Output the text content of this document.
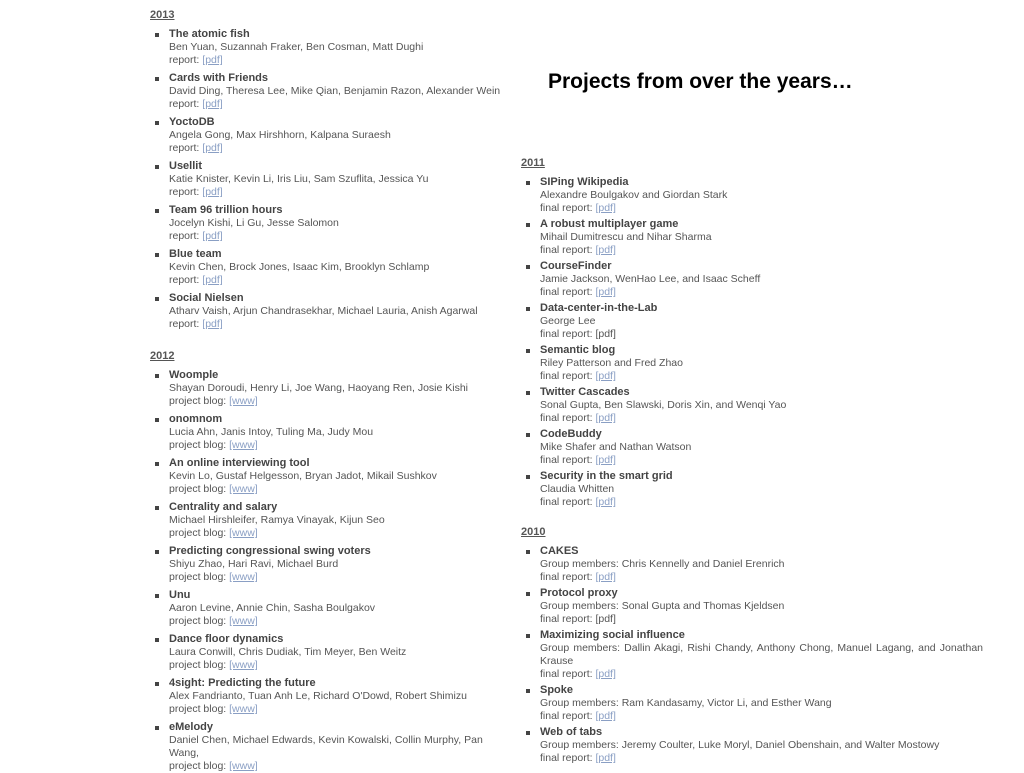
2013
The atomic fish
Ben Yuan, Suzannah Fraker, Ben Cosman, Matt Dughi
report: [pdf]
Cards with Friends
David Ding, Theresa Lee, Mike Qian, Benjamin Razon, Alexander Wein
report: [pdf]
YoctoDB
Angela Gong, Max Hirshhorn, Kalpana Suraesh
report: [pdf]
Usellit
Katie Knister, Kevin Li, Iris Liu, Sam Szuflita, Jessica Yu
report: [pdf]
Team 96 trillion hours
Jocelyn Kishi, Li Gu, Jesse Salomon
report: [pdf]
Blue team
Kevin Chen, Brock Jones, Isaac Kim, Brooklyn Schlamp
report: [pdf]
Social Nielsen
Atharv Vaish, Arjun Chandrasekhar, Michael Lauria, Anish Agarwal
report: [pdf]
2012
Woomple
Shayan Doroudi, Henry Li, Joe Wang, Haoyang Ren, Josie Kishi
project blog: [www]
onomnom
Lucia Ahn, Janis Intoy, Tuling Ma, Judy Mou
project blog: [www]
An online interviewing tool
Kevin Lo, Gustaf Helgesson, Bryan Jadot, Mikail Sushkov
project blog: [www]
Centrality and salary
Michael Hirshleifer, Ramya Vinayak, Kijun Seo
project blog: [www]
Predicting congressional swing voters
Shiyu Zhao, Hari Ravi, Michael Burd
project blog: [www]
Unu
Aaron Levine, Annie Chin, Sasha Boulgakov
project blog: [www]
Dance floor dynamics
Laura Conwill, Chris Dudiak, Tim Meyer, Ben Weitz
project blog: [www]
4sight: Predicting the future
Alex Fandrianto, Tuan Anh Le, Richard O'Dowd, Robert Shimizu
project blog: [www]
eMelody
Daniel Chen, Michael Edwards, Kevin Kowalski, Collin Murphy, Pan Wang,
project blog: [www]
Projects from over the years…
2011
SIPing Wikipedia
Alexandre Boulgakov and Giordan Stark
final report: [pdf]
A robust multiplayer game
Mihail Dumitrescu and Nihar Sharma
final report: [pdf]
CourseFinder
Jamie Jackson, WenHao Lee, and Isaac Scheff
final report: [pdf]
Data-center-in-the-Lab
George Lee
final report: [pdf]
Semantic blog
Riley Patterson and Fred Zhao
final report: [pdf]
Twitter Cascades
Sonal Gupta, Ben Slawski, Doris Xin, and Wenqi Yao
final report: [pdf]
CodeBuddy
Mike Shafer and Nathan Watson
final report: [pdf]
Security in the smart grid
Claudia Whitten
final report: [pdf]
2010
CAKES
Group members: Chris Kennelly and Daniel Erenrich
final report: [pdf]
Protocol proxy
Group members: Sonal Gupta and Thomas Kjeldsen
final report: [pdf]
Maximizing social influence
Group members: Dallin Akagi, Rishi Chandy, Anthony Chong, Manuel Lagang, and Jonathan Krause
final report: [pdf]
Spoke
Group members: Ram Kandasamy, Victor Li, and Esther Wang
final report: [pdf]
Web of tabs
Group members: Jeremy Coulter, Luke Moryl, Daniel Obenshain, and Walter Mostowy
final report: [pdf]
